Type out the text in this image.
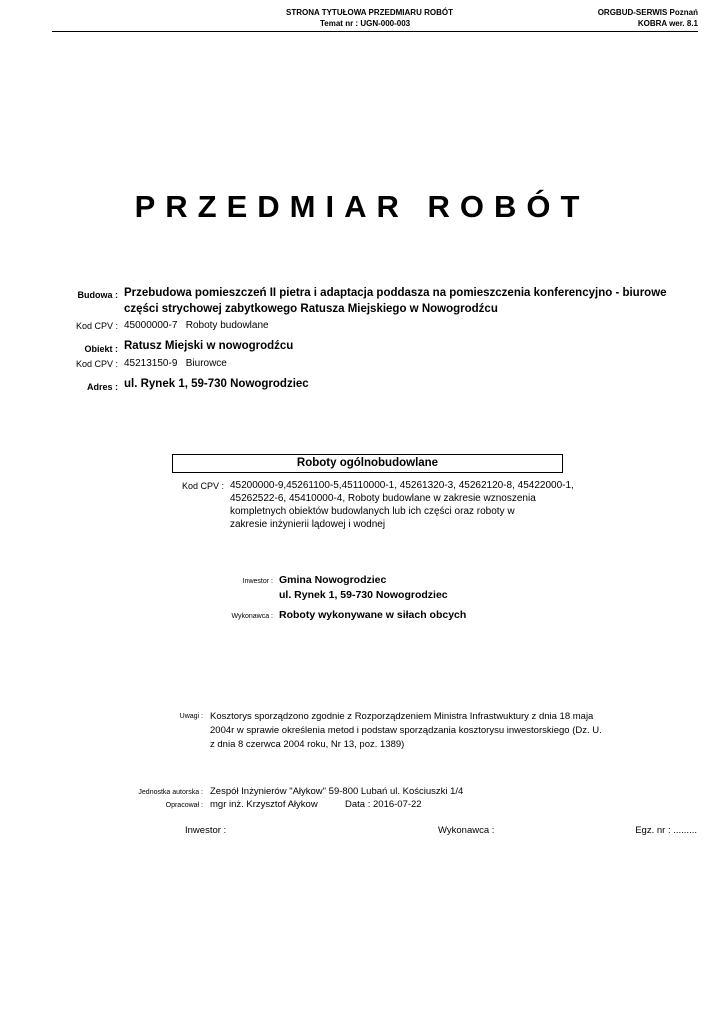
STRONA TYTUŁOWA PRZEDMIARU ROBÓT
Temat nr : UGN-000-003
ORGBUD-SERWIS Poznań
KOBRA wer. 8.1
PRZEDMIAR ROBÓT
Budowa : Przebudowa pomieszczeń II pietra i adaptacja poddasza na pomieszczenia konferencyjno - biurowe
części strychowej zabytkowego Ratusza Miejskiego w Nowogrodźcu
Kod CPV : 45000000-7 Roboty budowlane
Obiekt : Ratusz Miejski w nowogrodźcu
Kod CPV : 45213150-9 Biurowce
Adres : ul. Rynek 1, 59-730 Nowogrodziec
Roboty ogólnobudowlane
Kod CPV : 45200000-9,45261100-5,45110000-1, 45261320-3, 45262120-8, 45422000-1,
45262522-6, 45410000-4, Roboty budowlane w zakresie wznoszenia
kompletnych obiektów budowlanych lub ich części oraz roboty w
zakresie inżynierii lądowej i wodnej
Inwestor : Gmina Nowogrodziec
ul. Rynek 1, 59-730 Nowogrodziec
Wykonawca : Roboty wykonywane w siłach obcych
Uwagi : Kosztorys sporządzono zgodnie z Rozporządzeniem Ministra Infrastwuktury z dnia 18 maja
2004r w sprawie określenia metod i podstaw sporządzania kosztorysu inwestorskiego (Dz. U.
z dnia 8 czerwca 2004 roku, Nr 13, poz. 1389)
Jednostka autorska : Zespół Inżynierów "Ałykow" 59-800 Lubań ul. Kościuszki 1/4
Opracował : mgr inż. Krzysztof Ałykow	Data : 2016-07-22
Inwestor :	Wykonawca :	Egz. nr : .........
